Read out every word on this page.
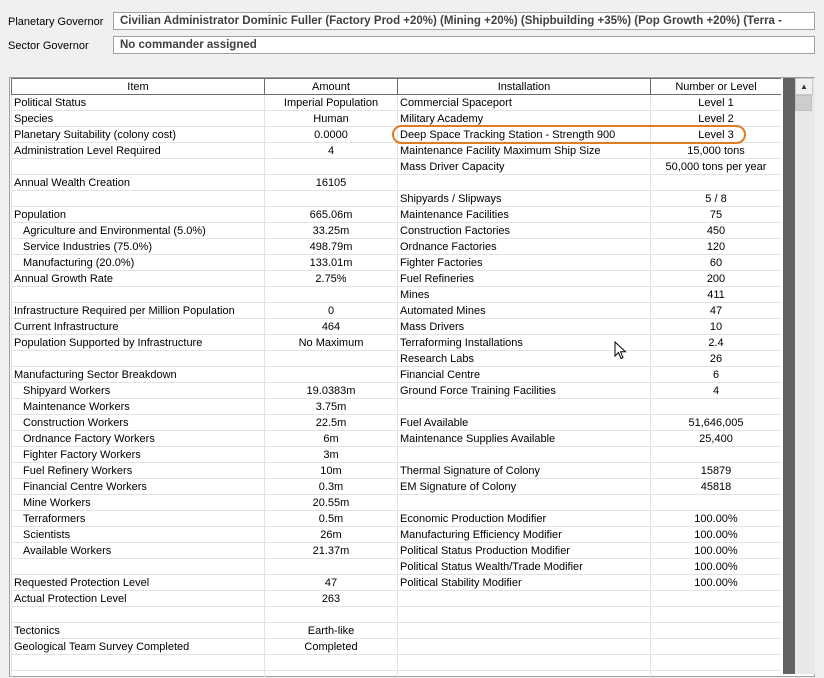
Planetary Governor	Civilian Administrator Dominic Fuller (Factory Prod +20%) (Mining +20%) (Shipbuilding +35%) (Pop Growth +20%) (Terra -
Sector Governor	No commander assigned
Item	Amount	Installation	Number or Level
Political Status	Imperial Population	Commercial Spaceport	Level 1
Species	Human	Military Academy	Level 2
Planetary Suitability (colony cost)	0.0000	Deep Space Tracking Station - Strength 900	Level 3
Administration Level Required	4	Maintenance Facility Maximum Ship Size	15,000 tons
		Mass Driver Capacity	50,000 tons per year
Annual Wealth Creation	16105		
		Shipyards / Slipways	5 / 8
Population	665.06m	Maintenance Facilities	75
Agriculture and Environmental (5.0%)	33.25m	Construction Factories	450
Service Industries (75.0%)	498.79m	Ordnance Factories	120
Manufacturing (20.0%)	133.01m	Fighter Factories	60
Annual Growth Rate	2.75%	Fuel Refineries	200
		Mines	411
Infrastructure Required per Million Population	0	Automated Mines	47
Current Infrastructure	464	Mass Drivers	10
Population Supported by Infrastructure	No Maximum	Terraforming Installations	2.4
		Research Labs	26
Manufacturing Sector Breakdown		Financial Centre	6
Shipyard Workers	19.0383m	Ground Force Training Facilities	4
Maintenance Workers	3.75m		
Construction Workers	22.5m	Fuel Available	51,646,005
Ordnance Factory Workers	6m	Maintenance Supplies Available	25,400
Fighter Factory Workers	3m		
Fuel Refinery Workers	10m	Thermal Signature of Colony	15879
Financial Centre Workers	0.3m	EM Signature of Colony	45818
Mine Workers	20.55m		
Terraformers	0.5m	Economic Production Modifier	100.00%
Scientists	26m	Manufacturing Efficiency Modifier	100.00%
Available Workers	21.37m	Political Status Production Modifier	100.00%
		Political Status Wealth/Trade Modifier	100.00%
Requested Protection Level	47	Political Stability Modifier	100.00%
Actual Protection Level	263		

Tectonics	Earth-like		
Geological Team Survey Completed	Completed		

▲
